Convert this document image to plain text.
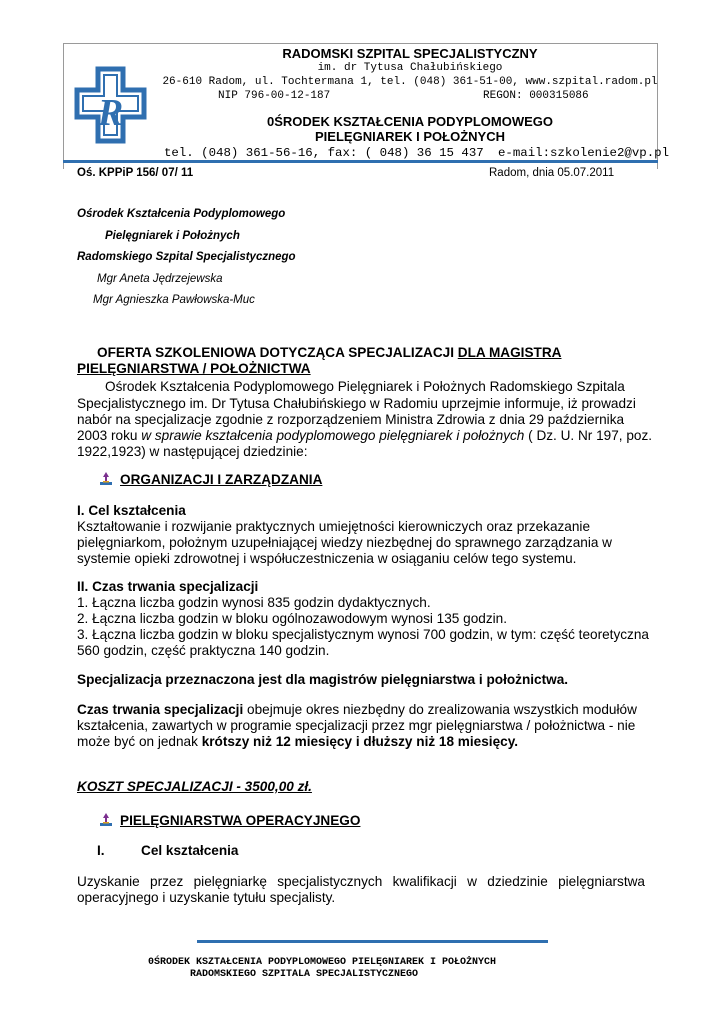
R
RADOMSKI SZPITAL SPECJALISTYCZNY
im. dr Tytusa Chałubińskiego
26-610 Radom, ul. Tochtermana 1, tel. (048) 361-51-00, www.szpital.radom.pl
NIP 796-00-12-187	REGON: 000315086
0ŚRODEK KSZTAŁCENIA PODYPLOMOWEGO
PIELĘGNIAREK I POŁOŻNYCH
tel. (048) 361-56-16, fax: ( 048) 36 15 437 e-mail:szkolenie2@vp.pl
Oś. KPPiP 156/ 07/ 11	Radom, dnia 05.07.2011
Ośrodek Kształcenia Podyplomowego
Pielęgniarek i Położnych
Radomskiego Szpital Specjalistycznego
Mgr Aneta Jędrzejewska
Mgr Agnieszka Pawłowska-Muc
OFERTA SZKOLENIOWA DOTYCZĄCA SPECJALIZACJI DLA MAGISTRA
PIELĘGNIARSTWA / POŁOŻNICTWA
Ośrodek Kształcenia Podyplomowego Pielęgniarek i Położnych Radomskiego Szpitala
Specjalistycznego im. Dr Tytusa Chałubińskiego w Radomiu uprzejmie informuje, iż prowadzi
nabór na specjalizacje zgodnie z rozporządzeniem Ministra Zdrowia z dnia 29 października
2003 roku w sprawie kształcenia podyplomowego pielęgniarek i położnych ( Dz. U. Nr 197, poz.
1922,1923) w następującej dziedzinie:
ORGANIZACJI I ZARZĄDZANIA
I. Cel kształcenia
Kształtowanie i rozwijanie praktycznych umiejętności kierowniczych oraz przekazanie
pielęgniarkom, położnym uzupełniającej wiedzy niezbędnej do sprawnego zarządzania w
systemie opieki zdrowotnej i współuczestniczenia w osiąganiu celów tego systemu.
II. Czas trwania specjalizacji
1. Łączna liczba godzin wynosi 835 godzin dydaktycznych.
2. Łączna liczba godzin w bloku ogólnozawodowym wynosi 135 godzin.
3. Łączna liczba godzin w bloku specjalistycznym wynosi 700 godzin, w tym: część teoretyczna
560 godzin, część praktyczna 140 godzin.
Specjalizacja przeznaczona jest dla magistrów pielęgniarstwa i położnictwa.
Czas trwania specjalizacji obejmuje okres niezbędny do zrealizowania wszystkich modułów
kształcenia, zawartych w programie specjalizacji przez mgr pielęgniarstwa / położnictwa - nie
może być on jednak krótszy niż 12 miesięcy i dłuższy niż 18 miesięcy.
KOSZT SPECJALIZACJI - 3500,00 zł.
PIELĘGNIARSTWA OPERACYJNEGO
I.	Cel kształcenia
Uzyskanie przez pielęgniarkę specjalistycznych kwalifikacji w dziedzinie pielęgniarstwa
operacyjnego i uzyskanie tytułu specjalisty.
0ŚRODEK KSZTAŁCENIA PODYPLOMOWEGO PIELĘGNIAREK I POŁOŻNYCH
RADOMSKIEGO SZPITALA SPECJALISTYCZNEGO
